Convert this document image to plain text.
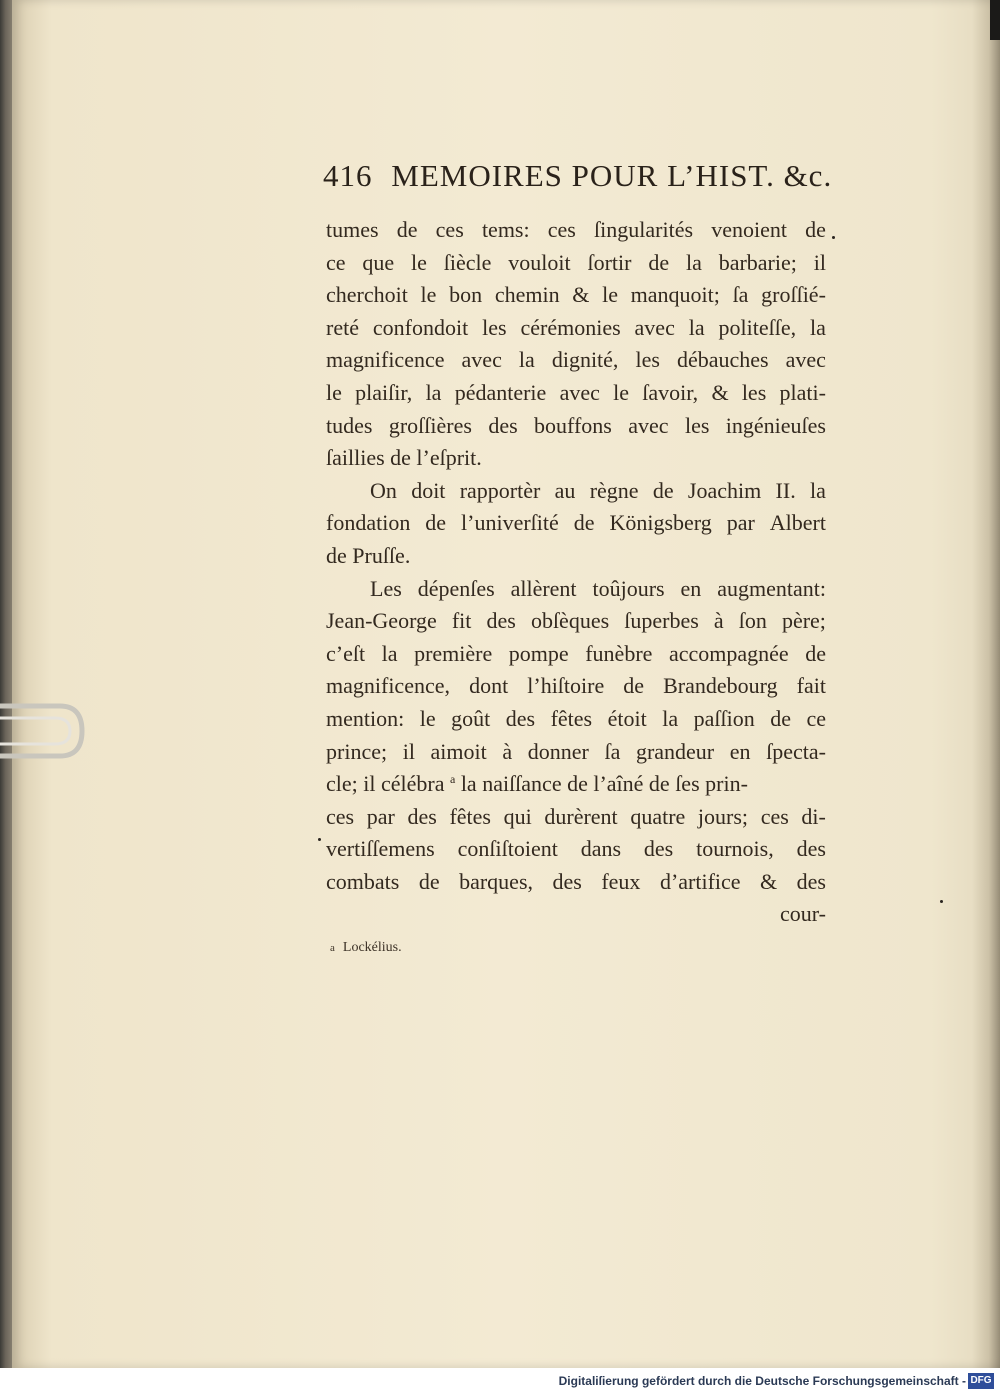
416 MEMOIRES POUR L’HIST. &c.
tumes de ces tems: ces ſingularités venoient de
ce que le ſiècle vouloit ſortir de la barbarie; il
cherchoit le bon chemin & le manquoit; ſa groſſié-
reté confondoit les cérémonies avec la politeſſe, la
magnificence avec la dignité, les débauches avec
le plaiſir, la pédanterie avec le ſavoir, & les plati-
tudes groſſières des bouffons avec les ingénieuſes
ſaillies de l’eſprit.
On doit rapportèr au règne de Joachim II. la
fondation de l’univerſité de Königsberg par Albert
de Pruſſe.
Les dépenſes allèrent toûjours en augmentant:
Jean-George fit des obſèques ſuperbes à ſon père;
c’eſt la première pompe funèbre accompagnée de
magnificence, dont l’hiſtoire de Brandebourg fait
mention: le goût des fêtes étoit la paſſion de ce
prince; il aimoit à donner ſa grandeur en ſpecta-
cle; il célébra $^a$ la naiſſance de l’aîné de ſes prin-
ces par des fêtes qui durèrent quatre jours; ces di-
vertiſſemens conſiſtoient dans des tournois, des
combats de barques, des feux d’artifice & des
cour-
a Lockélius.
Digitaliſierung gefördert durch die Deutsche Forschungsgemeinschaft - DFG
